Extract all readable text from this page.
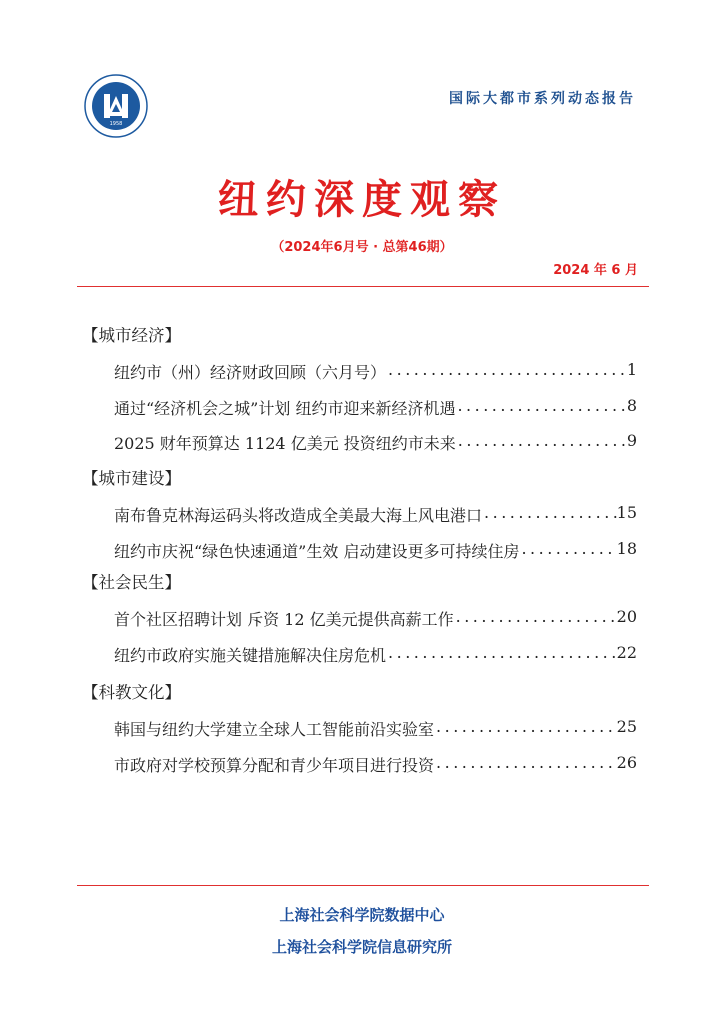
1958
国际大都市系列动态报告
纽约深度观察
（2024年6月号 · 总第46期）
2024 年 6 月
【城市经济】
纽约市（州）经济财政回顾（六月号） .....	1
通过“经济机会之城”计划 纽约市迎来新经济机遇 .....	8
2025 财年预算达 1124 亿美元 投资纽约市未来 .....	9
【城市建设】
南布鲁克林海运码头将改造成全美最大海上风电港口 .....	15
纽约市庆祝“绿色快速通道”生效 启动建设更多可持续住房 .....	18
【社会民生】
首个社区招聘计划 斥资 12 亿美元提供高薪工作 .....	20
纽约市政府实施关键措施解决住房危机 .....	22
【科教文化】
韩国与纽约大学建立全球人工智能前沿实验室 .....	25
市政府对学校预算分配和青少年项目进行投资 .....	26
上海社会科学院数据中心
上海社会科学院信息研究所
